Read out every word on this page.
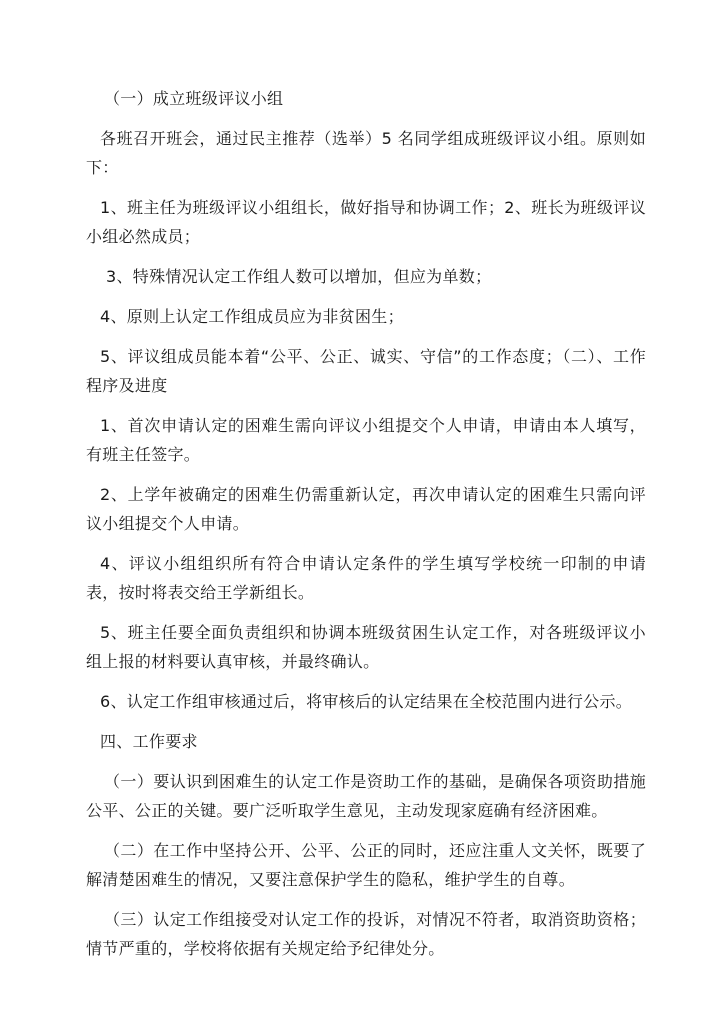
（一）成立班级评议小组

各班召开班会，通过民主推荐（选举）5 名同学组成班级评议小组。原则如下：

1、班主任为班级评议小组组长，做好指导和协调工作；2、班长为班级评议小组必然成员；

3、特殊情况认定工作组人数可以增加，但应为单数；

4、原则上认定工作组成员应为非贫困生；

5、评议组成员能本着“公平、公正、诚实、守信”的工作态度；（二）、工作程序及进度

1、首次申请认定的困难生需向评议小组提交个人申请，申请由本人填写，有班主任签字。

2、上学年被确定的困难生仍需重新认定，再次申请认定的困难生只需向评议小组提交个人申请。

4、评议小组组织所有符合申请认定条件的学生填写学校统一印制的申请表，按时将表交给王学新组长。

5、班主任要全面负责组织和协调本班级贫困生认定工作，对各班级评议小组上报的材料要认真审核，并最终确认。

6、认定工作组审核通过后，将审核后的认定结果在全校范围内进行公示。

四、工作要求

（一）要认识到困难生的认定工作是资助工作的基础，是确保各项资助措施公平、公正的关键。要广泛听取学生意见，主动发现家庭确有经济困难。

（二）在工作中坚持公开、公平、公正的同时，还应注重人文关怀，既要了解清楚困难生的情况，又要注意保护学生的隐私，维护学生的自尊。

（三）认定工作组接受对认定工作的投诉，对情况不符者，取消资助资格；情节严重的，学校将依据有关规定给予纪律处分。
